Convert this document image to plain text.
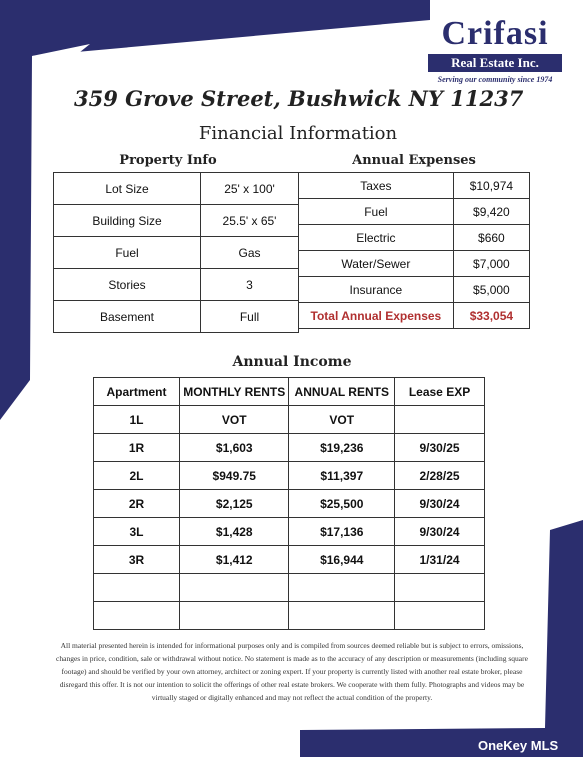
Crifasi
Real Estate Inc.
Serving our community since 1974
359 Grove Street, Bushwick NY 11237
Financial Information
Property Info
Lot Size	25' x 100'
Building Size	25.5' x 65'
Fuel	Gas
Stories	3
Basement	Full
Annual Expenses
Taxes	$10,974
Fuel	$9,420
Electric	$660
Water/Sewer	$7,000
Insurance	$5,000
Total Annual Expenses	$33,054
Annual Income
Apartment	MONTHLY RENTS	ANNUAL RENTS	Lease EXP
1L	VOT	VOT	
1R	$1,603	$19,236	9/30/25
2L	$949.75	$11,397	2/28/25
2R	$2,125	$25,500	9/30/24
3L	$1,428	$17,136	9/30/24
3R	$1,412	$16,944	1/31/24

All material presented herein is intended for informational purposes only and is compiled from sources deemed reliable but is subject to errors, omissions, changes in price, condition, sale or withdrawal without notice. No statement is made as to the accuracy of any description or measurements (including square footage) and should be verified by your own attorney, architect or zoning expert. If your property is currently listed with another real estate broker, please disregard this offer. It is not our intention to solicit the offerings of other real estate brokers. We cooperate with them fully. Photographs and videos may be virtually staged or digitally enhanced and may not reflect the actual condition of the property.
OneKey MLS
